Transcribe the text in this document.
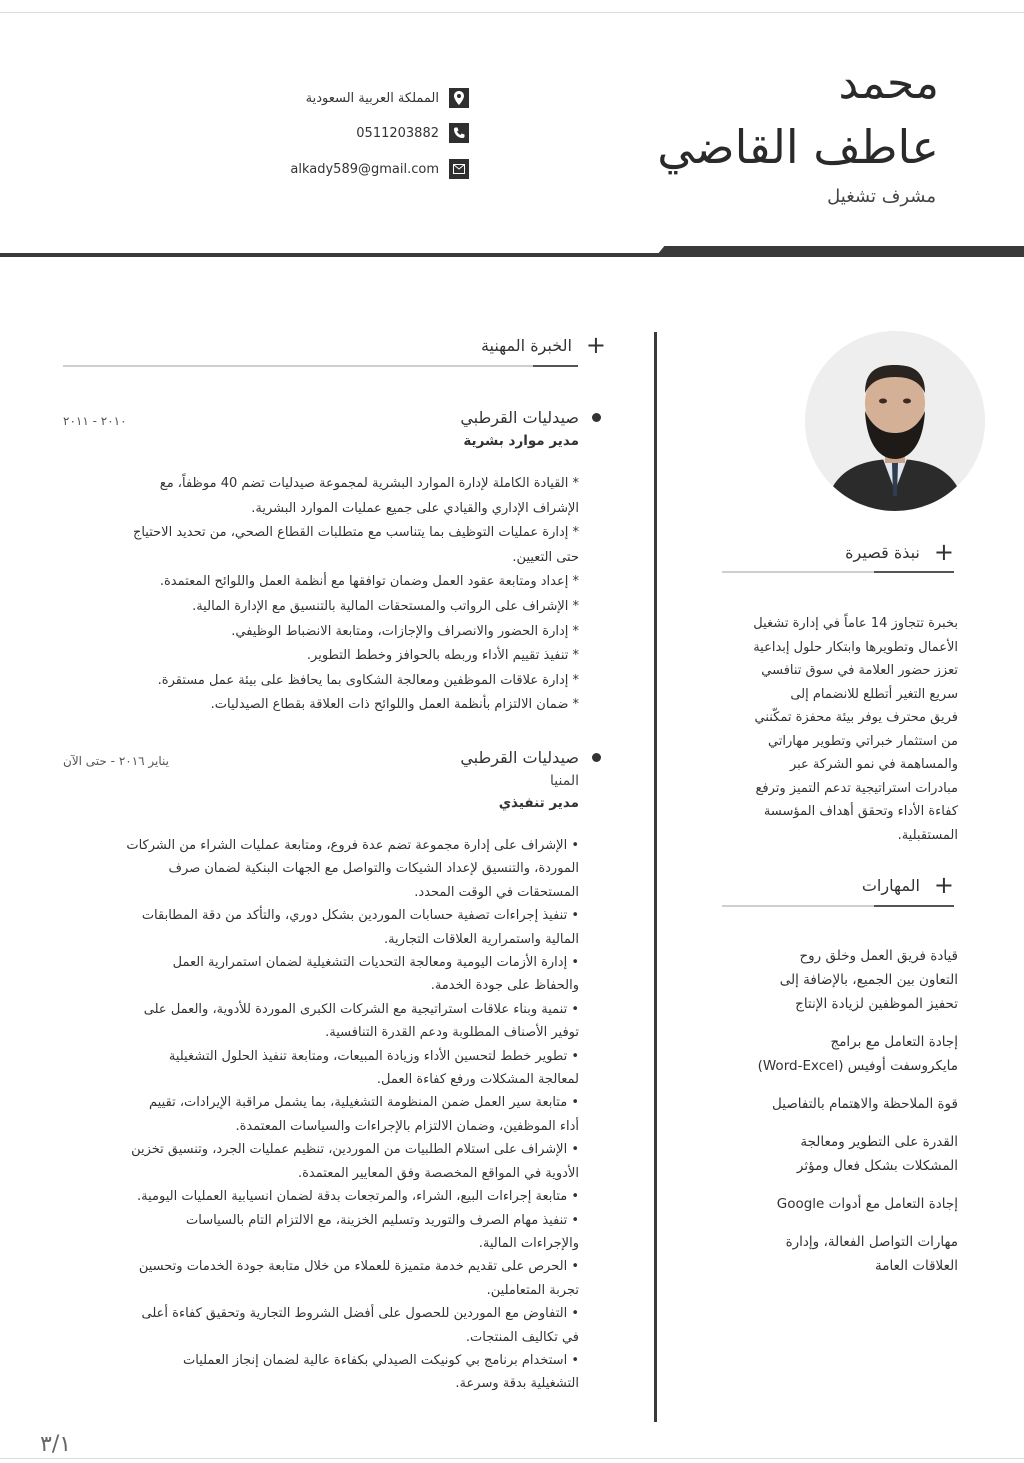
محمد
عاطف القاضي
مشرف تشغيل
المملكة العربية السعودية
0511203882
alkady589@gmail.com
+
نبذة قصيرة
بخبرة تتجاوز 14 عاماً في إدارة تشغيل
الأعمال وتطويرها وابتكار حلول إبداعية
تعزز حضور العلامة في سوق تنافسي
سريع التغير أتطلع للانضمام إلى
فريق محترف يوفر بيئة محفزة تمكّنني
من استثمار خبراتي وتطوير مهاراتي
والمساهمة في نمو الشركة عبر
مبادرات استراتيجية تدعم التميز وترفع
كفاءة الأداء وتحقق أهداف المؤسسة
المستقبلية.
+
المهارات
قيادة فريق العمل وخلق روح
التعاون بين الجميع، بالإضافة إلى
تحفيز الموظفين لزيادة الإنتاج
إجادة التعامل مع برامج
مايكروسفت أوفيس (Word-Excel)
قوة الملاحظة والاهتمام بالتفاصيل
القدرة على التطوير ومعالجة
المشكلات بشكل فعال ومؤثر
إجادة التعامل مع أدوات Google
مهارات التواصل الفعالة، وإدارة
العلاقات العامة
+
الخبرة المهنية
صيدليات القرطبي
مدير موارد بشرية
٢٠١٠ - ٢٠١١
* القيادة الكاملة لإدارة الموارد البشرية لمجموعة صيدليات تضم 40 موظفاً، مع
الإشراف الإداري والقيادي على جميع عمليات الموارد البشرية.
* إدارة عمليات التوظيف بما يتناسب مع متطلبات القطاع الصحي، من تحديد الاحتياج
حتى التعيين.
* إعداد ومتابعة عقود العمل وضمان توافقها مع أنظمة العمل واللوائح المعتمدة.
* الإشراف على الرواتب والمستحقات المالية بالتنسيق مع الإدارة المالية.
* إدارة الحضور والانصراف والإجازات، ومتابعة الانضباط الوظيفي.
* تنفيذ تقييم الأداء وربطه بالحوافز وخطط التطوير.
* إدارة علاقات الموظفين ومعالجة الشكاوى بما يحافظ على بيئة عمل مستقرة.
* ضمان الالتزام بأنظمة العمل واللوائح ذات العلاقة بقطاع الصيدليات.
صيدليات القرطبي
المنيا
مدير تنفيذي
يناير ٢٠١٦ - حتى الآن
• الإشراف على إدارة مجموعة تضم عدة فروع، ومتابعة عمليات الشراء من الشركات
الموردة، والتنسيق لإعداد الشيكات والتواصل مع الجهات البنكية لضمان صرف
المستحقات في الوقت المحدد.
• تنفيذ إجراءات تصفية حسابات الموردين بشكل دوري، والتأكد من دقة المطابقات
المالية واستمرارية العلاقات التجارية.
• إدارة الأزمات اليومية ومعالجة التحديات التشغيلية لضمان استمرارية العمل
والحفاظ على جودة الخدمة.
• تنمية وبناء علاقات استراتيجية مع الشركات الكبرى الموردة للأدوية، والعمل على
توفير الأصناف المطلوبة ودعم القدرة التنافسية.
• تطوير خطط لتحسين الأداء وزيادة المبيعات، ومتابعة تنفيذ الحلول التشغيلية
لمعالجة المشكلات ورفع كفاءة العمل.
• متابعة سير العمل ضمن المنظومة التشغيلية، بما يشمل مراقبة الإيرادات، تقييم
أداء الموظفين، وضمان الالتزام بالإجراءات والسياسات المعتمدة.
• الإشراف على استلام الطلبيات من الموردين، تنظيم عمليات الجرد، وتنسيق تخزين
الأدوية في المواقع المخصصة وفق المعايير المعتمدة.
• متابعة إجراءات البيع، الشراء، والمرتجعات بدقة لضمان انسيابية العمليات اليومية.
• تنفيذ مهام الصرف والتوريد وتسليم الخزينة، مع الالتزام التام بالسياسات
والإجراءات المالية.
• الحرص على تقديم خدمة متميزة للعملاء من خلال متابعة جودة الخدمات وتحسين
تجربة المتعاملين.
• التفاوض مع الموردين للحصول على أفضل الشروط التجارية وتحقيق كفاءة أعلى
في تكاليف المنتجات.
• استخدام برنامج بي كونيكت الصيدلي بكفاءة عالية لضمان إنجاز العمليات
التشغيلية بدقة وسرعة.
٣/١
